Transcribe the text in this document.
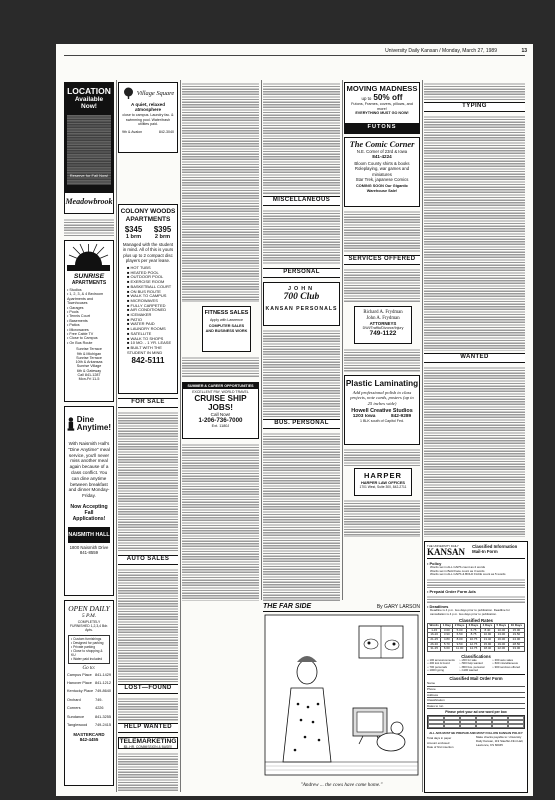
University Daily Kansan / Monday, March 27, 1989	13
LOCATION
Available Now!
Reserve for Fall Now!
Meadowbrook
SUNRISE
APARTMENTS
• Studios
• 1, 2, 3, & 4 Bedroom Apartments and Townhouses
• Garages
• Pools
• Tennis Court
• Basements
• Patios
• Microwaves
• Free Cable TV
• Close to Campus
• On Bus Route
Sunrise Terrace
9th & Michigan
Sunrise Terrace
10th & Arkansas
Sunrise Village
6th & Gateway
Call 841-1287
Mon-Fri 11-5
Dine Anytime!
With Naismith Hall's "Dine Anytime" meal service, you'll never miss another meal again because of a class conflict. You can dine anytime between breakfast and dinner Monday-Friday.
Now Accepting Fall Applications!
NAISMITH HALL
1800 Naismith Drive
841-8559
OPEN DAILY
5 P.M.
COMPLETELY FURNISHED 1,2,3,4 Bdr. Apts.
• Custom furnishings
• Designed for parking
• Private parking
• Close to shopping & KU
• Water paid included
Go to:
Campus Place 841-1429
Hanover Place 841-1212
Kentucky Place 749-8640
Orchard Corners
749-4226
Sundance	841-3255
Tanglewood 749-2415
MASTERCARD
842-4455
Village Square
A quiet, relaxed atmosphere
close to campus. Laundry fac. & swimming pool. Water/trash utilities paid.
9th & Avalon	842-3040
COLONY WOODS APARTMENTS
$345
1 brm
$395
2 brm
Managed with the student in mind. All of this is yours plus up to 2 compact disc players per year lease.
■ HOT TUBS
■ HEATED POOL
■ OUTDOOR POOL
■ EXERCISE ROOM
■ BASKETBALL COURT
■ ON BUS ROUTE
■ WALK TO CAMPUS
■ MICROWAVES
■ FULLY CARPETED
■ AIR CONDITIONED
■ ICEMAKER
■ PATIO
■ WATER PAID
■ LAUNDRY ROOMS
■ SATELLITE
■ WALK TO SHOPS
■ 10 MO. - 1 YR. LEASE
■ BUILT WITH THE STUDENT IN MIND
842-5111
FOR SALE
AUTO SALES
LOST—FOUND
HELP WANTED
TELEMARKETING
$5.-HR. COMMISSION & BASE!!
FITNESS SALES
Apply with Lawrence
COMPUTER SALES AND BUSINESS WORK
SUMMER & CAREER OPPORTUNITIES
EXCELLENT PAY, WORLD TRAVEL
CRUISE SHIP JOBS!
Call Now!
1-206-736-7000
Ext. 1180J
MISCELLANEOUS
PERSONAL
JOHN
700 Club
KANSAN PERSONALS
BUS. PERSONAL
MOVING MADNESS
up to 50% off
Futons, Frames, covers, pillows, and more!
EVERYTHING MUST GO NOW!
FUTONS
The Comic Corner
N.E. Corner of 23rd & Iowa
841-4224
Bloom County shirts & books
Roleplaying, war games and miniatures
Star Trek, japanese Comics
COMING SOON Our Gigantic Warehouse Sale!
SERVICES OFFERED
Richard A. Frydman
John A. Frydman
ATTORNEYS
DWI/Traffic/Divorce/Injury
749-1122
Plastic Laminating
Add professional polish to class projects, note cards, posters (up to 25 inches wide)
Howell Creative Studios
1203 Iowa	842-9289
1 BLK south of Capitol Fed.
HARPER
HARPER LAW OFFICES
1701 West, Suite 300, 842-2711
TYPING
WANTED
THE FAR SIDE	By GARY LARSON
"Andrew ... the cows have come home."
THE UNIVERSITY DAILY
KANSAN
Classified Information Mail-In Form
• Policy
Words set in ALL CAPS count as 2 words
Words set in Bold Face count as 3 words
Words set in ALL CAPS & BOLD FACE count as 5 words
• Prepaid Order Form Ads
• Deadlines
Deadline is 4 p.m. two days prior to publication. Deadline for cancellation is 4 p.m. two days prior to publication.
Classified Rates
Words	1 Day	2 Days	3 Days	4 Days	5 Days	10 Days
1-15	3.00	5.00	6.75	8.40	10.00	15.00
16-20	3.90	6.50	8.75	10.90	13.00	19.50
21-25	4.80	8.00	10.75	13.40	16.00	24.00
26-30	5.70	9.50	12.75	15.90	19.00	28.50
31-35	6.60	11.00	14.75	18.40	22.00	33.00
Classifications
□ 100 announcements	□ 200 for sale	□ 300 auto sales
□ 400 lost & found	□ 500 help wanted	□ 600 miscellaneous
□ 700 personals	□ 800 bus. personal	□ 900 services offered
□ 1000 typing	□ 1100 wanted
Classified Mail Order Form
Name
Phone
Address
Classification
Dates to run
Please print your ad one word per box
ALL ADS MUST BE PREPAID AND MUST FOLLOW KANSAN POLICY
Total days in paper
Amount enclosed
Date of first insertion
Make checks payable to: University Daily Kansan, 119 Stauffer-Flint Hall, Lawrence, KS 66045
